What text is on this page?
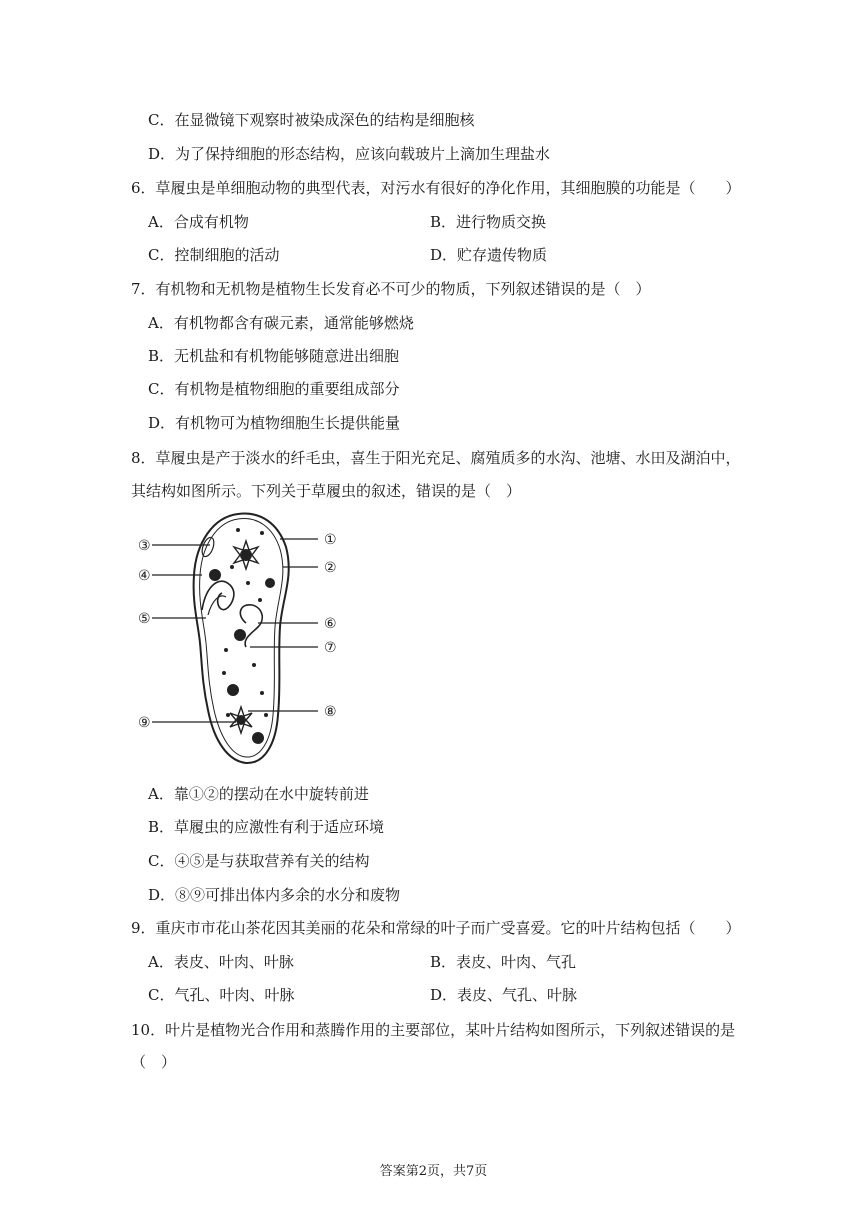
C．在显微镜下观察时被染成深色的结构是细胞核
D．为了保持细胞的形态结构，应该向载玻片上滴加生理盐水
6．草履虫是单细胞动物的典型代表，对污水有很好的净化作用，其细胞膜的功能是（　　）
A．合成有机物	B．进行物质交换
C．控制细胞的活动	D．贮存遗传物质
7．有机物和无机物是植物生长发育必不可少的物质，下列叙述错误的是（　）
A．有机物都含有碳元素，通常能够燃烧
B．无机盐和有机物能够随意进出细胞
C．有机物是植物细胞的重要组成部分
D．有机物可为植物细胞生长提供能量
8．草履虫是产于淡水的纤毛虫，喜生于阳光充足、腐殖质多的水沟、池塘、水田及湖泊中，
其结构如图所示。下列关于草履虫的叙述，错误的是（　）
③
④
⑤
⑨
①
②
⑥
⑦
⑧
A．靠①②的摆动在水中旋转前进
B．草履虫的应激性有利于适应环境
C．④⑤是与获取营养有关的结构
D．⑧⑨可排出体内多余的水分和废物
9．重庆市市花山茶花因其美丽的花朵和常绿的叶子而广受喜爱。它的叶片结构包括（　　）
A．表皮、叶肉、叶脉	B．表皮、叶肉、气孔
C．气孔、叶肉、叶脉	D．表皮、气孔、叶脉
10．叶片是植物光合作用和蒸腾作用的主要部位，某叶片结构如图所示，下列叙述错误的是
（　）
答案第2页，共7页
